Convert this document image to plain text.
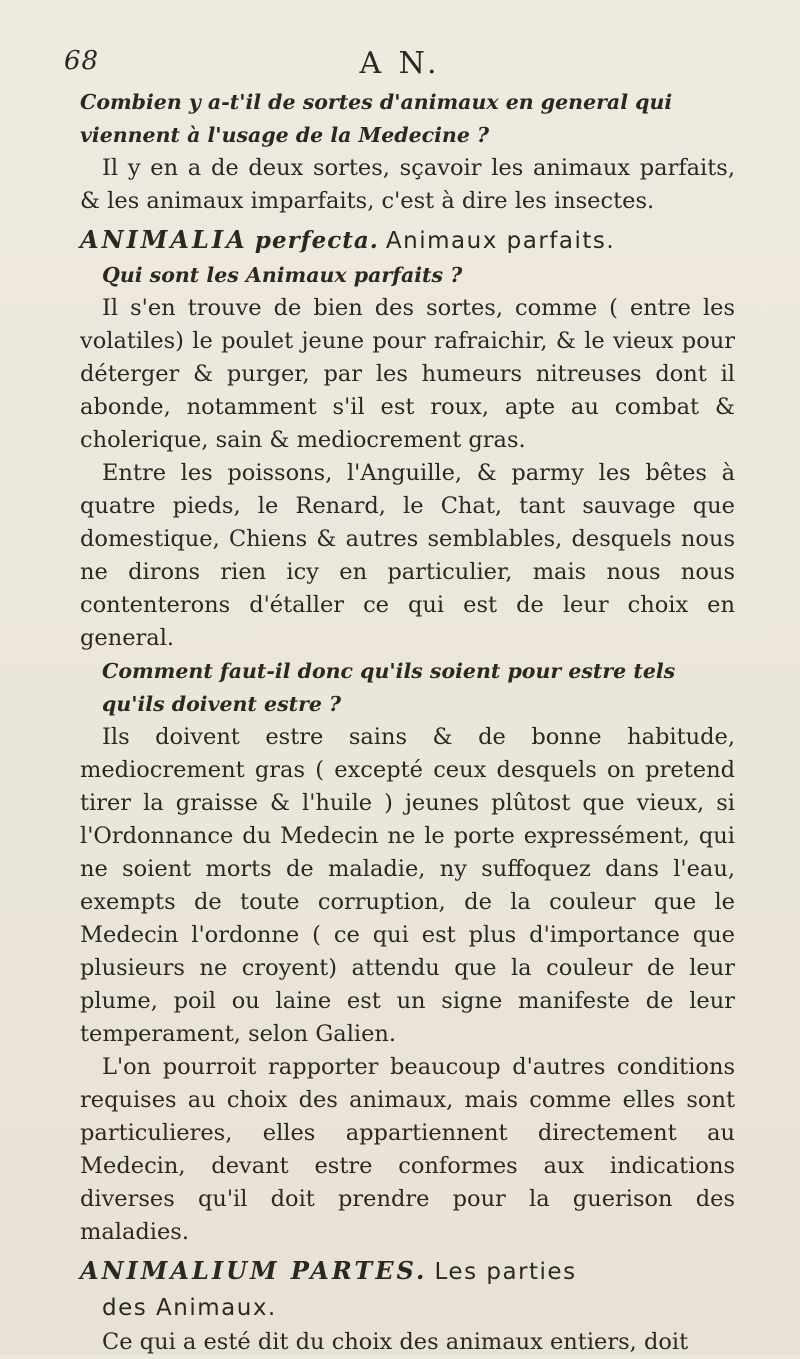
68	A N.

Combien y a-t'il de sortes d'animaux en general qui viennent à l'usage de la Medecine ?

Il y en a de deux sortes, sçavoir les animaux parfaits, & les animaux imparfaits, c'est à dire les insectes.

ANIMALIA perfecta. Animaux parfaits.

Qui sont les Animaux parfaits ?

Il s'en trouve de bien des sortes, comme ( entre les volatiles) le poulet jeune pour rafraichir, & le vieux pour déterger & purger, par les humeurs nitreuses dont il abonde, notamment s'il est roux, apte au combat & cholerique, sain & mediocrement gras.

Entre les poissons, l'Anguille, & parmy les bêtes à quatre pieds, le Renard, le Chat, tant sauvage que domestique, Chiens & autres semblables, desquels nous ne dirons rien icy en particulier, mais nous nous contenterons d'étaller ce qui est de leur choix en general.

Comment faut-il donc qu'ils soient pour estre tels qu'ils doivent estre ?

Ils doivent estre sains & de bonne habitude, mediocrement gras ( excepté ceux desquels on pretend tirer la graisse & l'huile ) jeunes plûtost que vieux, si l'Ordonnance du Medecin ne le porte expressément, qui ne soient morts de maladie, ny suffoquez dans l'eau, exempts de toute corruption, de la couleur que le Medecin l'ordonne ( ce qui est plus d'importance que plusieurs ne croyent) attendu que la couleur de leur plume, poil ou laine est un signe manifeste de leur temperament, selon Galien.

L'on pourroit rapporter beaucoup d'autres conditions requises au choix des animaux, mais comme elles sont particulieres, elles appartiennent directement au Medecin, devant estre conformes aux indications diverses qu'il doit prendre pour la guerison des maladies.

ANIMALIUM PARTES. Les parties
des Animaux.

Ce qui a esté dit du choix des animaux entiers, doit
